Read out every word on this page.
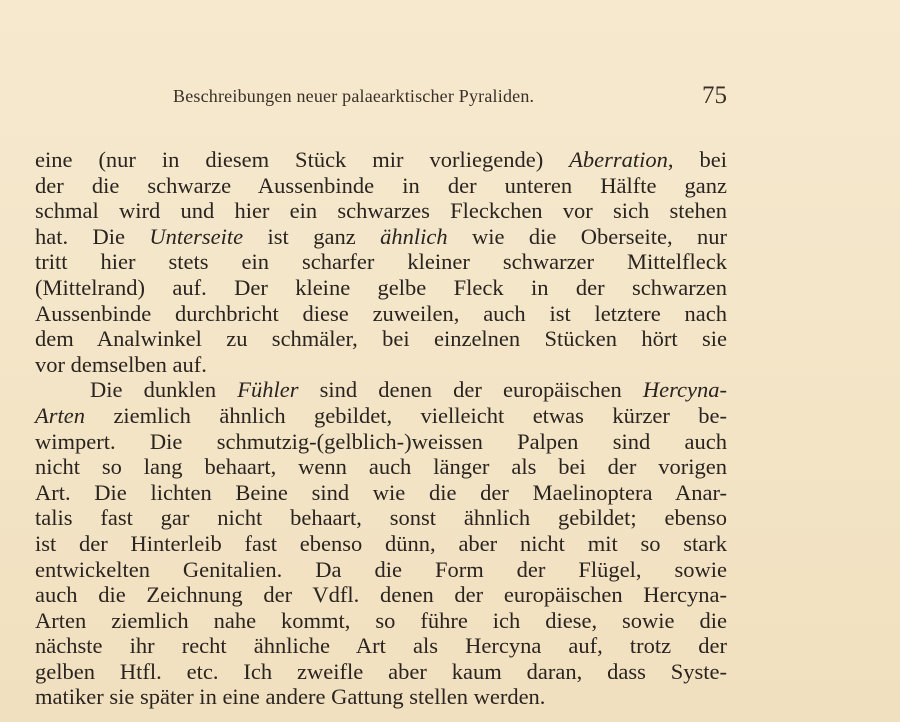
Beschreibungen neuer palaearktischer Pyraliden.	75
eine (nur in diesem Stück mir vorliegende) Aberration, bei
der die schwarze Aussenbinde in der unteren Hälfte ganz
schmal wird und hier ein schwarzes Fleckchen vor sich stehen
hat. Die Unterseite ist ganz ähnlich wie die Oberseite, nur
tritt hier stets ein scharfer kleiner schwarzer Mittelfleck
(Mittelrand) auf. Der kleine gelbe Fleck in der schwarzen
Aussenbinde durchbricht diese zuweilen, auch ist letztere nach
dem Analwinkel zu schmäler, bei einzelnen Stücken hört sie
vor demselben auf.
Die dunklen Fühler sind denen der europäischen Hercyna-
Arten ziemlich ähnlich gebildet, vielleicht etwas kürzer be-
wimpert. Die schmutzig-(gelblich-)weissen Palpen sind auch
nicht so lang behaart, wenn auch länger als bei der vorigen
Art. Die lichten Beine sind wie die der Maelinoptera Anar-
talis fast gar nicht behaart, sonst ähnlich gebildet; ebenso
ist der Hinterleib fast ebenso dünn, aber nicht mit so stark
entwickelten Genitalien. Da die Form der Flügel, sowie
auch die Zeichnung der Vdfl. denen der europäischen Hercyna-
Arten ziemlich nahe kommt, so führe ich diese, sowie die
nächste ihr recht ähnliche Art als Hercyna auf, trotz der
gelben Htfl. etc. Ich zweifle aber kaum daran, dass Syste-
matiker sie später in eine andere Gattung stellen werden.
